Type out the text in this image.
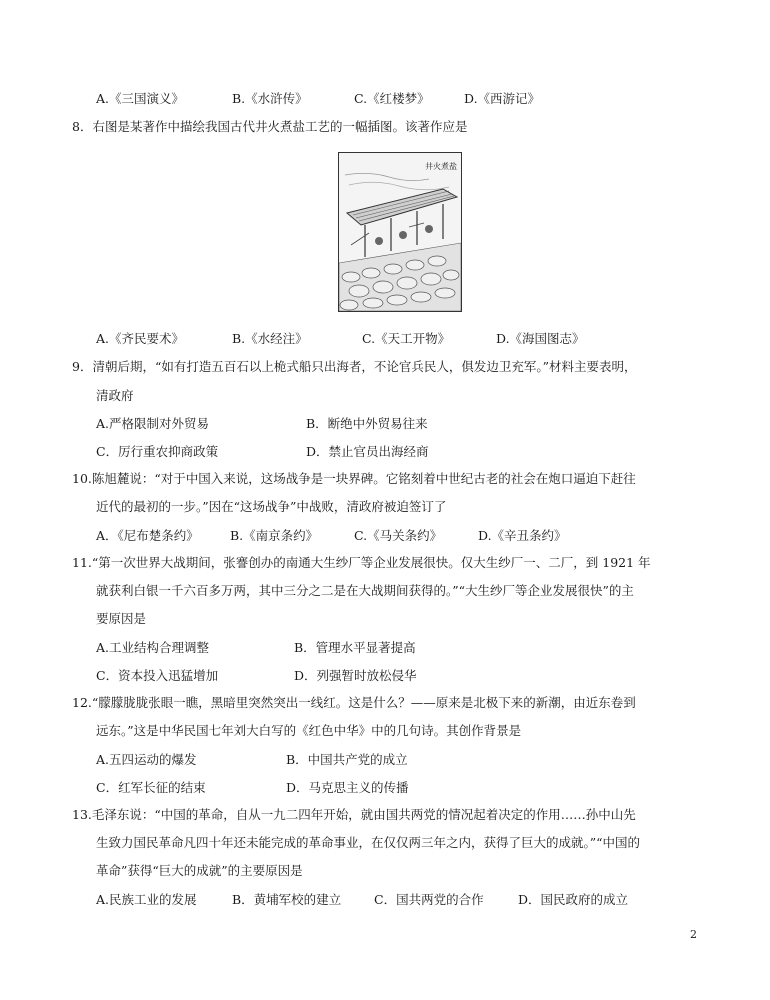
A.《三国演义》	B.《水浒传》	C.《红楼梦》	D.《西游记》
8．右图是某著作中描绘我国古代井火煮盐工艺的一幅插图。该著作应是
井火煮盐
A.《齐民要术》	B.《水经注》	C.《天工开物》	D.《海国图志》
9．清朝后期，“如有打造五百石以上桅式船只出海者，不论官兵民人，俱发边卫充军。”材料主要表明，
清政府
A.严格限制对外贸易	B．断绝中外贸易往来
C．厉行重农抑商政策	D．禁止官员出海经商
10.陈旭麓说：“对于中国入来说，这场战争是一块界碑。它铭刻着中世纪古老的社会在炮口逼迫下赶往
近代的最初的一步。”因在“这场战争”中战败，清政府被迫签订了
A．《尼布楚条约》 B.《南京条约》	C.《马关条约》	D.《辛丑条约》
11.“第一次世界大战期间，张謇创办的南通大生纱厂等企业发展很快。仅大生纱厂一、二厂，到 1921 年
就获利白银一千六百多万两，其中三分之二是在大战期间获得的。”“大生纱厂等企业发展很快”的主
要原因是
A.工业结构合理调整	B．管理水平显著提高
C．资本投入迅猛增加	D．列强暂时放松侵华
12.“朦朦胧胧张眼一瞧，黑暗里突然突出一线红。这是什么？——原来是北极下来的新潮，由近东卷到
远东。”这是中华民国七年刘大白写的《红色中华》中的几句诗。其创作背景是
A.五四运动的爆发	B．中国共产党的成立
C．红军长征的结束	D．马克思主义的传播
13.毛泽东说：“中国的革命，自从一九二四年开始，就由国共两党的情况起着决定的作用……孙中山先
生致力国民革命凡四十年还未能完成的革命事业，在仅仅两三年之内，获得了巨大的成就。”“中国的
革命”获得“巨大的成就”的主要原因是
A.民族工业的发展	B．黄埔军校的建立	C．国共两党的合作	D．国民政府的成立
2
